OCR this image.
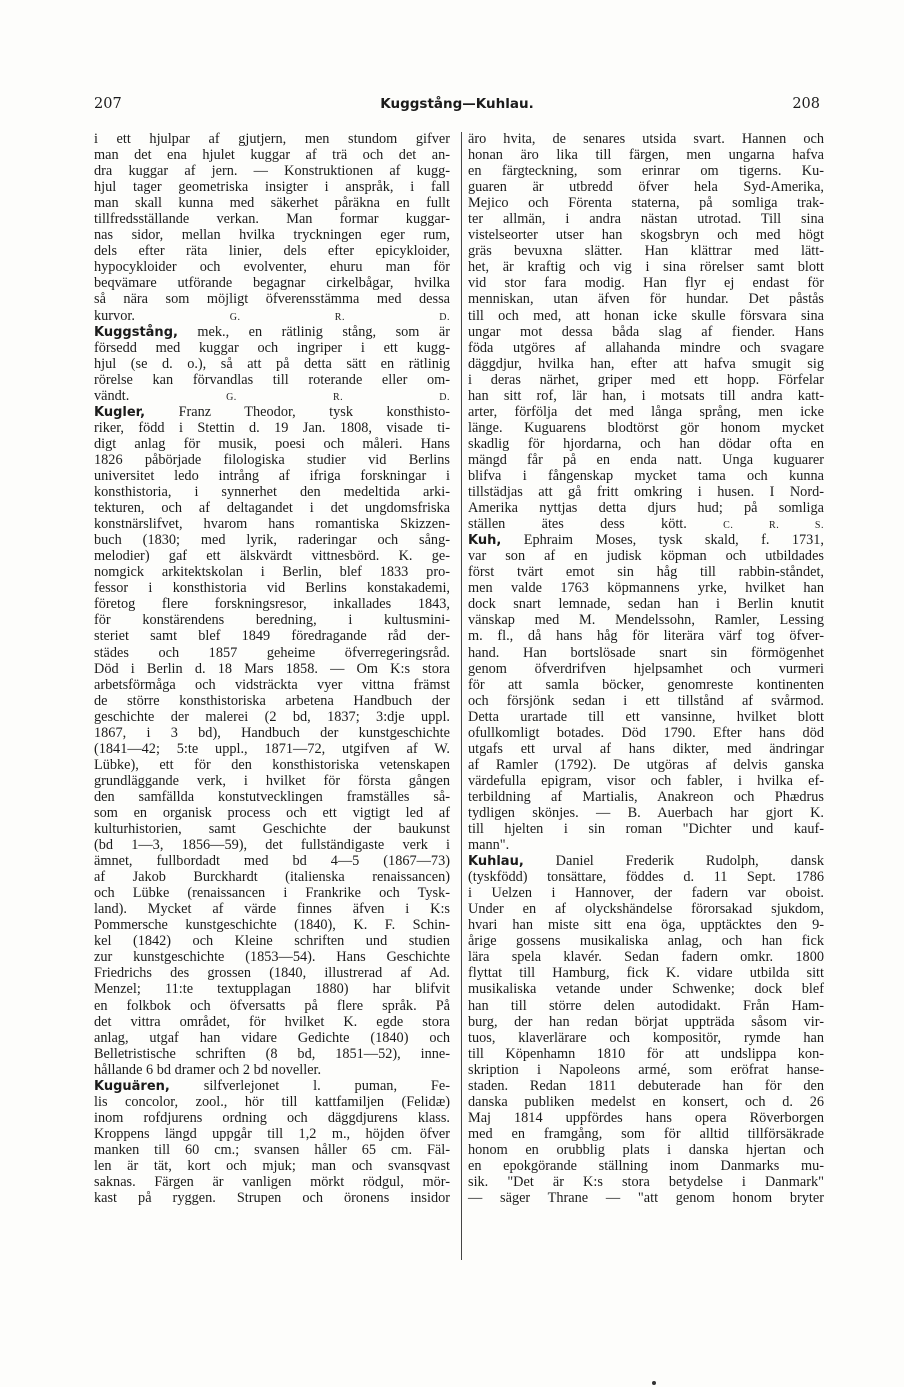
207	Kuggstång—Kuhlau.	208
i ett hjulpar af gjutjern, men stundom gifver
man det ena hjulet kuggar af trä och det an-
dra kuggar af jern. — Konstruktionen af kugg-
hjul tager geometriska insigter i anspråk, i fall
man skall kunna med säkerhet påräkna en fullt
tillfredsställande verkan. Man formar kuggar-
nas sidor, mellan hvilka tryckningen eger rum,
dels efter räta linier, dels efter epicykloider,
hypocykloider och evolventer, ehuru man för
beqvämare utförande begagnar cirkelbågar, hvilka
så nära som möjligt öfverensstämma med dessa
kurvor.	G. R. D.
Kuggstång, mek., en rätlinig stång, som är
försedd med kuggar och ingriper i ett kugg-
hjul (se d. o.), så att på detta sätt en rätlinig
rörelse kan förvandlas till roterande eller om-
vändt.	G. R. D.
Kugler, Franz Theodor, tysk konsthisto-
riker, född i Stettin d. 19 Jan. 1808, visade ti-
digt anlag för musik, poesi och måleri. Hans
1826 påbörjade filologiska studier vid Berlins
universitet ledo intrång af ifriga forskningar i
konsthistoria, i synnerhet den medeltida arki-
tekturen, och af deltagandet i det ungdomsfriska
konstnärslifvet, hvarom hans romantiska Skizzen-
buch (1830; med lyrik, raderingar och sång-
melodier) gaf ett älskvärdt vittnesbörd. K. ge-
nomgick arkitektskolan i Berlin, blef 1833 pro-
fessor i konsthistoria vid Berlins konstakademi,
företog flere forskningsresor, inkallades 1843,
för konstärendens beredning, i kultusmini-
steriet samt blef 1849 föredragande råd der-
städes och 1857 geheime öfverregeringsråd.
Död i Berlin d. 18 Mars 1858. — Om K:s stora
arbetsförmåga och vidsträckta vyer vittna främst
de större konsthistoriska arbetena Handbuch der
geschichte der malerei (2 bd, 1837; 3:dje uppl.
1867, i 3 bd), Handbuch der kunstgeschichte
(1841—42; 5:te uppl., 1871—72, utgifven af W.
Lübke), ett för den konsthistoriska vetenskapen
grundläggande verk, i hvilket för första gången
den samfällda konstutvecklingen framställes så-
som en organisk process och ett vigtigt led af
kulturhistorien, samt Geschichte der baukunst
(bd 1—3, 1856—59), det fullständigaste verk i
ämnet, fullbordadt med bd 4—5 (1867—73)
af Jakob Burckhardt (italienska renaissancen)
och Lübke (renaissancen i Frankrike och Tysk-
land). Mycket af värde finnes äfven i K:s
Pommersche kunstgeschichte (1840), K. F. Schin-
kel (1842) och Kleine schriften und studien
zur kunstgeschichte (1853—54). Hans Geschichte
Friedrichs des grossen (1840, illustrerad af Ad.
Menzel; 11:te textupplagan 1880) har blifvit
en folkbok och öfversatts på flere språk. På
det vittra området, för hvilket K. egde stora
anlag, utgaf han vidare Gedichte (1840) och
Belletristische schriften (8 bd, 1851—52), inne-
hållande 6 bd dramer och 2 bd noveller.
Kuguären, silfverlejonet l. puman, Fe-
lis concolor, zool., hör till kattfamiljen (Felidæ)
inom rofdjurens ordning och däggdjurens klass.
Kroppens längd uppgår till 1,2 m., höjden öfver
manken till 60 cm.; svansen håller 65 cm. Fäl-
len är tät, kort och mjuk; man och svansqvast
saknas. Färgen är vanligen mörkt rödgul, mör-
kast på ryggen. Strupen och öronens insidor
äro hvita, de senares utsida svart. Hannen och
honan äro lika till färgen, men ungarna hafva
en färgteckning, som erinrar om tigerns. Ku-
guaren är utbredd öfver hela Syd-Amerika,
Mejico och Förenta staterna, på somliga trak-
ter allmän, i andra nästan utrotad. Till sina
vistelseorter utser han skogsbryn och med högt
gräs bevuxna slätter. Han klättrar med lätt-
het, är kraftig och vig i sina rörelser samt blott
vid stor fara modig. Han flyr ej endast för
menniskan, utan äfven för hundar. Det påstås
till och med, att honan icke skulle försvara sina
ungar mot dessa båda slag af fiender. Hans
föda utgöres af allahanda mindre och svagare
däggdjur, hvilka han, efter att hafva smugit sig
i deras närhet, griper med ett hopp. Förfelar
han sitt rof, lär han, i motsats till andra katt-
arter, förfölja det med långa språng, men icke
länge. Kuguarens blodtörst gör honom mycket
skadlig för hjordarna, och han dödar ofta en
mängd får på en enda natt. Unga kuguarer
blifva i fångenskap mycket tama och kunna
tillstädjas att gå fritt omkring i husen. I Nord-
Amerika nyttjas detta djurs hud; på somliga
ställen ätes dess kött.	C. R. S.
Kuh, Ephraim Moses, tysk skald, f. 1731,
var son af en judisk köpman och utbildades
först tvärt emot sin håg till rabbin-ståndet,
men valde 1763 köpmannens yrke, hvilket han
dock snart lemnade, sedan han i Berlin knutit
vänskap med M. Mendelssohn, Ramler, Lessing
m. fl., då hans håg för literära värf tog öfver-
hand. Han bortslösade snart sin förmögenhet
genom öfverdrifven hjelpsamhet och vurmeri
för att samla böcker, genomreste kontinenten
och försjönk sedan i ett tillstånd af svårmod.
Detta urartade till ett vansinne, hvilket blott
ofullkomligt botades. Död 1790. Efter hans död
utgafs ett urval af hans dikter, med ändringar
af Ramler (1792). De utgöras af delvis ganska
värdefulla epigram, visor och fabler, i hvilka ef-
terbildning af Martialis, Anakreon och Phædrus
tydligen skönjes. — B. Auerbach har gjort K.
till hjelten i sin roman "Dichter und kauf-
mann".
Kuhlau, Daniel Frederik Rudolph, dansk
(tyskfödd) tonsättare, föddes d. 11 Sept. 1786
i Uelzen i Hannover, der fadern var oboist.
Under en af olyckshändelse förorsakad sjukdom,
hvari han miste sitt ena öga, upptäcktes den 9-
årige gossens musikaliska anlag, och han fick
lära spela klavér. Sedan fadern omkr. 1800
flyttat till Hamburg, fick K. vidare utbilda sitt
musikaliska vetande under Schwenke; dock blef
han till större delen autodidakt. Från Ham-
burg, der han redan börjat uppträda såsom vir-
tuos, klaverlärare och kompositör, rymde han
till Köpenhamn 1810 för att undslippa kon-
skription i Napoleons armé, som eröfrat hanse-
staden. Redan 1811 debuterade han för den
danska publiken medelst en konsert, och d. 26
Maj 1814 uppfördes hans opera Röverborgen
med en framgång, som för alltid tillförsäkrade
honom en orubblig plats i danska hjertan och
en epokgörande ställning inom Danmarks mu-
sik. "Det är K:s stora betydelse i Danmark"
— säger Thrane — "att genom honom bryter
